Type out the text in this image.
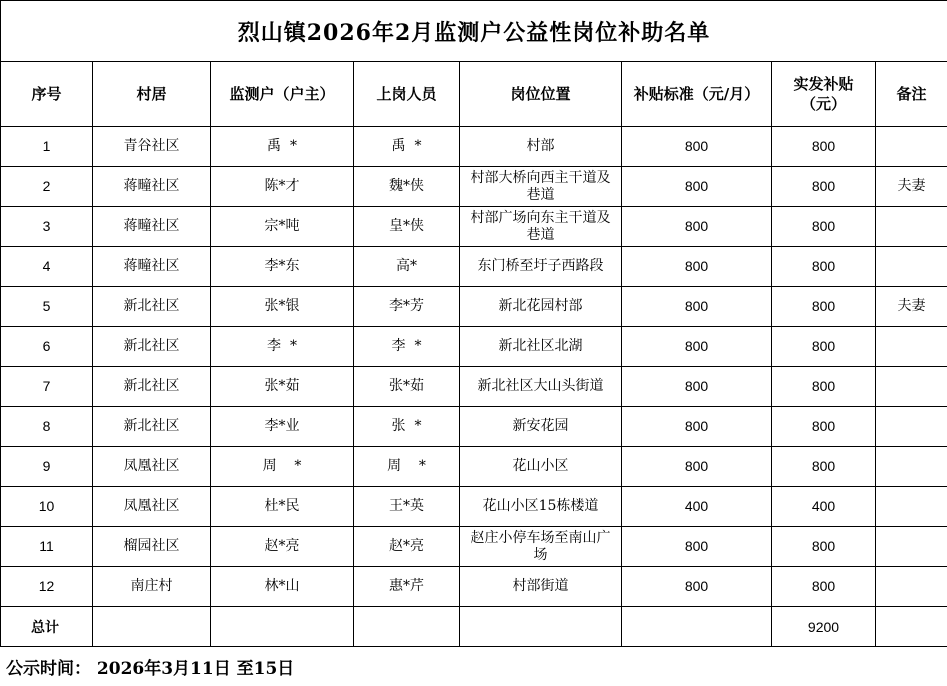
烈山镇2026年2月监测户公益性岗位补助名单							
序号	村居	监测户（户主）	上岗人员	岗位位置	补贴标准（元/月）	实发补贴（元）	备注
1	青谷社区	禹  *	禹  *	村部	800	800	
2	蒋疃社区	陈*才	魏*侠	村部大桥向西主干道及巷道	800	800	夫妻
3	蒋疃社区	宗*吨	皇*侠	村部广场向东主干道及巷道	800	800	
4	蒋疃社区	李*东	高*	东门桥至圩子西路段	800	800	
5	新北社区	张*银	李*芳	新北花园村部	800	800	夫妻
6	新北社区	李  *	李  *	新北社区北湖	800	800	
7	新北社区	张*茹	张*茹	新北社区大山头街道	800	800	
8	新北社区	李*业	张  *	新安花园	800	800	
9	凤凰社区	周    *	周    *	花山小区	800	800	
10	凤凰社区	杜*民	王*英	花山小区15栋楼道	400	400	
11	榴园社区	赵*亮	赵*亮	赵庄小停车场至南山广场	800	800	
12	南庄村	林*山	惠*芹	村部街道	800	800	
总计						9200	
公示时间： 2026年3月11日 至15日
